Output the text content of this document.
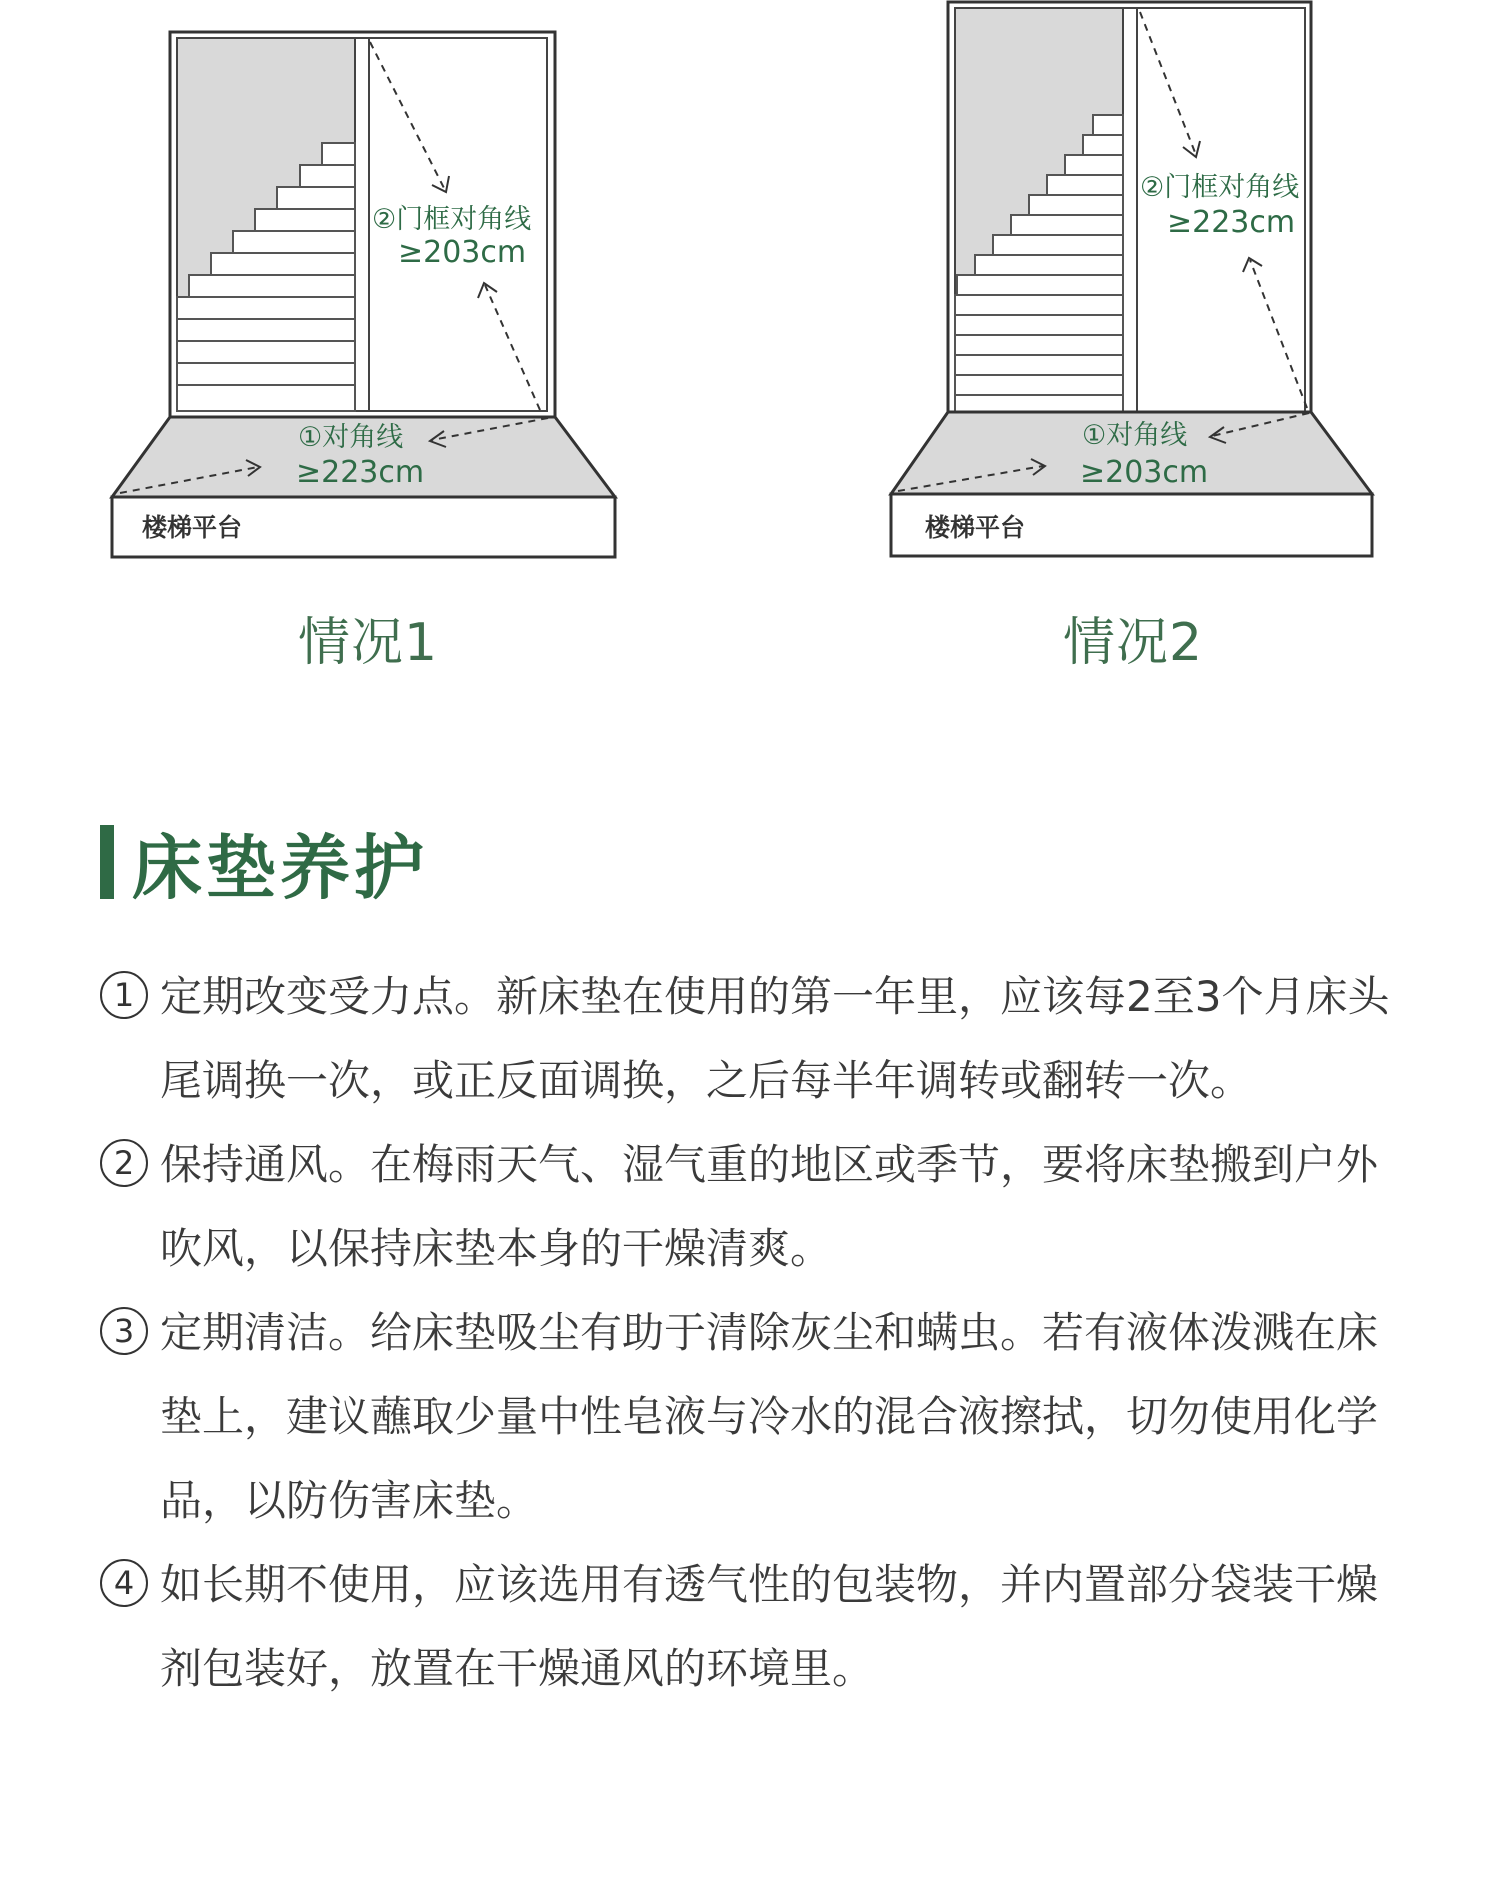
②门框对角线
≥203cm
①对角线
≥223cm
楼梯平台
②门框对角线
≥223cm
①对角线
≥203cm
楼梯平台
情况1	情况2
床垫养护
1 定期改变受力点。新床垫在使用的第一年里，应该每2至3个月床头尾调换一次，或正反面调换，之后每半年调转或翻转一次。
2 保持通风。在梅雨天气、湿气重的地区或季节，要将床垫搬到户外吹风，以保持床垫本身的干燥清爽。
3 定期清洁。给床垫吸尘有助于清除灰尘和螨虫。若有液体泼溅在床垫上，建议蘸取少量中性皂液与冷水的混合液擦拭，切勿使用化学品，以防伤害床垫。
4 如长期不使用，应该选用有透气性的包装物，并内置部分袋装干燥剂包装好，放置在干燥通风的环境里。
